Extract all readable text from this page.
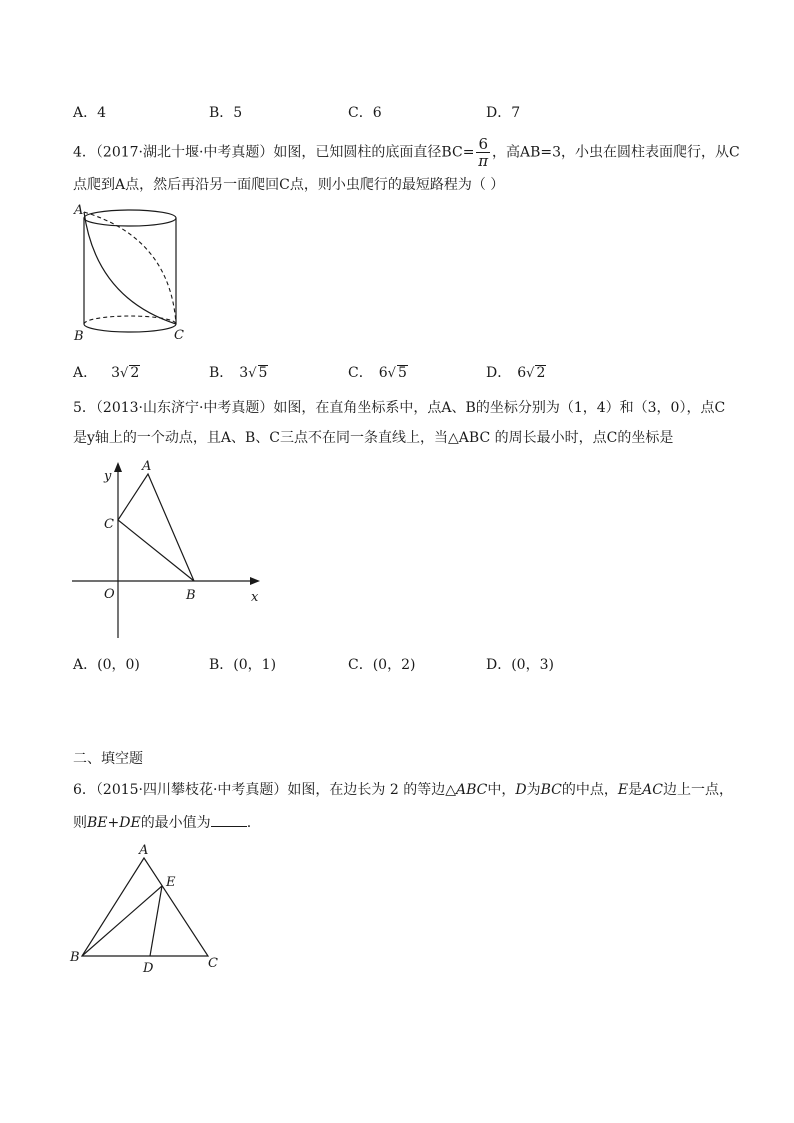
A．4	B．5	C．6	D．7
4．（2017·湖北十堰·中考真题）如图，已知圆柱的底面直径$BC= \frac{6}{\pi}$ ，高AB=3，小虫在圆柱表面爬行，从C
点爬到A点，然后再沿另一面爬回C点，则小虫爬行的最短路程为（ ）
A
B	C
A． 3√ 2	B． 3√ 5	C． 6√ 5	D． 6√ 2
5．（2013·山东济宁·中考真题）如图，在直角坐标系中，点A、B的坐标分别为（1，4）和（3，0），点C
是y轴上的一个动点，且A、B、C三点不在同一条直线上，当△ABC 的周长最小时，点C的坐标是
y
A
C
O	B	x
A．(0，0)	B．(0，1)	C．(0，2)	D．(0，3)
二、填空题
6．（2015·四川攀枝花·中考真题）如图，在边长为 2 的等边△ABC中，D为BC的中点，E是AC边上一点，
则BE+DE的最小值为	.
A
E
B
D	C
